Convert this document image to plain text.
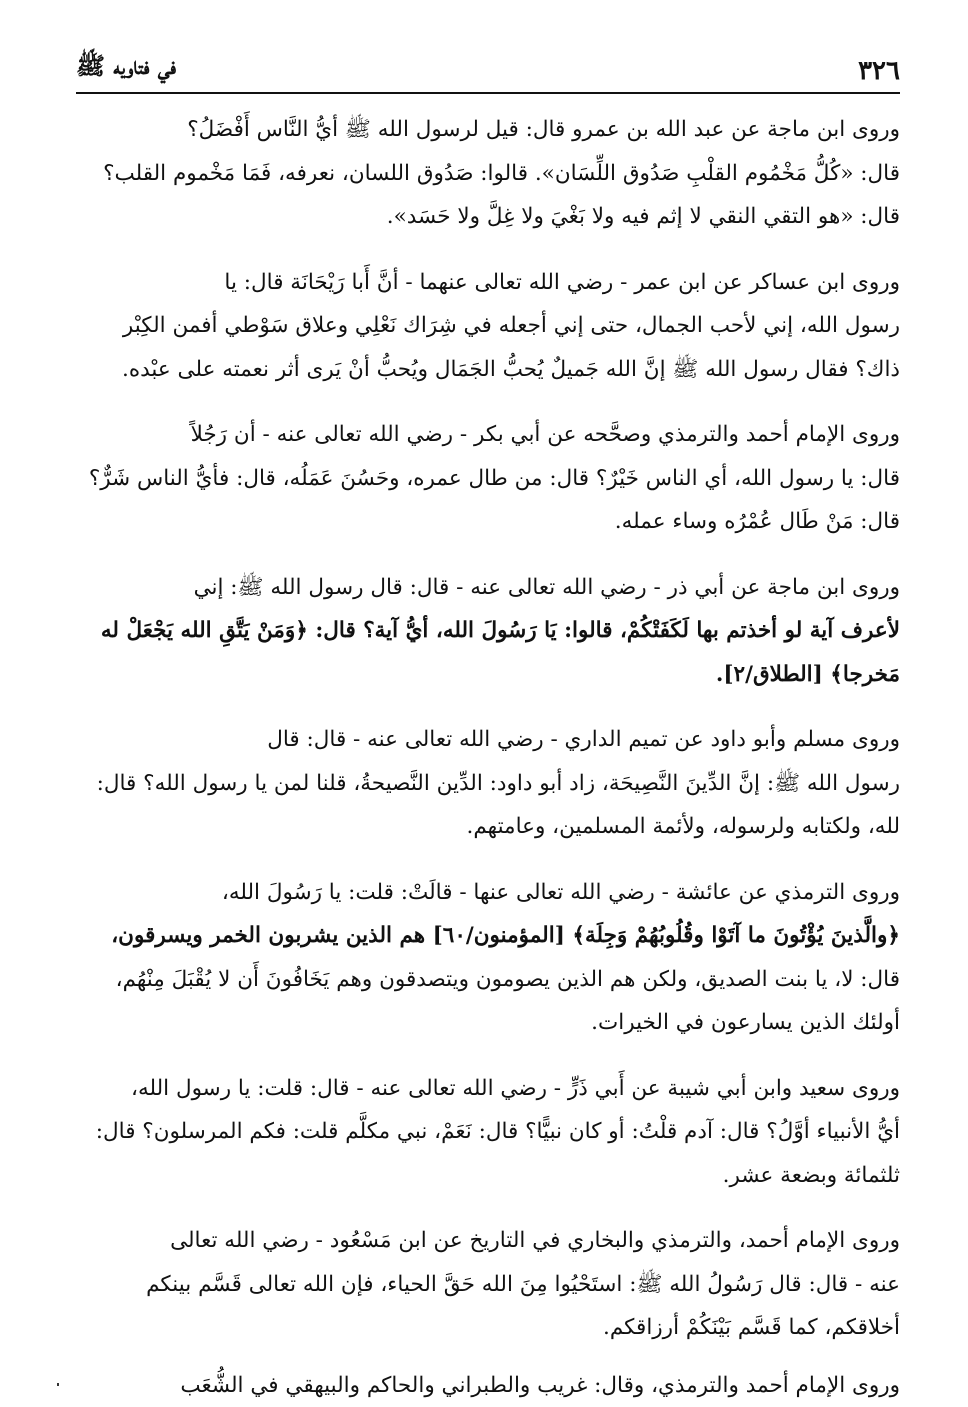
٣٢٦
في فتاويه ﷺ

وروى ابن ماجة عن عبد الله بن عمرو قال: قيل لرسول الله ﷺ أيُّ النَّاس أَفْضَلُ؟
قال: «كُلُّ مَخْمُوم القلْبِ صَدُوق اللِّسَان». قالوا: صَدُوق اللسان، نعرفه، فَمَا مَخْموم القلب؟
قال: «هو التقي النقي لا إثم فيه ولا بَغْيَ ولا غِلَّ ولا حَسَد».

وروى ابن عساكر عن ابن عمر - رضي الله تعالى عنهما - أنَّ أَبا رَيْحَانَة قال: يا
رسول الله، إني لأحب الجمال، حتى إني أجعله في شِرَاك نَعْلِي وعلاق سَوْطي أفمن الكِبْر
ذاك؟ فقال رسول الله ﷺ إنَّ الله جَميلٌ يُحبُّ الجَمَال ويُحبُّ أنْ يَرى أثر نعمته على عبْده.

وروى الإمام أحمد والترمذي وصحَّحه عن أبي بكر - رضي الله تعالى عنه - أن رَجُلاً
قال: يا رسول الله، أي الناس خَيْرٌ؟ قال: من طال عمره، وحَسُنَ عَمَلُه، قال: فأيُّ الناس شَرٌّ؟
قال: مَنْ طَال عُمْرُه وساء عمله.

وروى ابن ماجة عن أبي ذر - رضي الله تعالى عنه - قال: قال رسول الله ﷺ: إني
لأعرف آية لو أخذتم بها لَكَفَتْكُمْ، قالوا: يَا رَسُولَ الله، أيُّ آية؟ قال: ﴿وَمَنْ يَتَّقِ الله يَجْعَلْ له
مَخرجا﴾ [الطلاق/٢].

وروى مسلم وأبو داود عن تميم الداري - رضي الله تعالى عنه - قال: قال
رسول الله ﷺ: إنَّ الدِّينَ النَّصِيحَة، زاد أبو داود: الدِّين النَّصيحةُ، قلنا لمن يا رسول الله؟ قال:
لله، ولكتابه ولرسوله، ولأئمة المسلمين، وعامتهم.

وروى الترمذي عن عائشة - رضي الله تعالى عنها - قالَتْ: قلت: يا رَسُولَ الله،
﴿والَّذينَ يُؤْتُونَ ما آتَوْا وقُلُوبُهُمْ وَجِلَة﴾ [المؤمنون/٦٠] هم الذين يشربون الخمر ويسرقون،
قال: لا، يا بنت الصديق، ولكن هم الذين يصومون ويتصدقون وهم يَخَافُونَ أَن لا يُقْبَلَ مِنْهُم،
أولئك الذين يسارعون في الخيرات.

وروى سعيد وابن أبي شيبة عن أَبي ذَرٍّ - رضي الله تعالى عنه - قال: قلت: يا رسول الله،
أيُّ الأنبياء أوَّلُ؟ قال: آدم قلْتُ: أو كان نبيًّا؟ قال: نَعَمْ، نبي مكلَّم قلت: فكم المرسلون؟ قال:
ثلثمائة وبضعة عشر.

وروى الإمام أحمد، والترمذي والبخاري في التاريخ عن ابن مَسْعُود - رضي الله تعالى
عنه - قال: قال رَسُولُ الله ﷺ: استَحْيُوا مِنَ الله حَقَّ الحياء، فإن الله تعالى قَسَّم بينكم
أخلاقكم، كما قَسَّم بَيْنَكُمْ أرزاقكم.

وروى الإمام أحمد والترمذي، وقال: غريب والطبراني والحاكم والبيهقي في الشُّعَب
